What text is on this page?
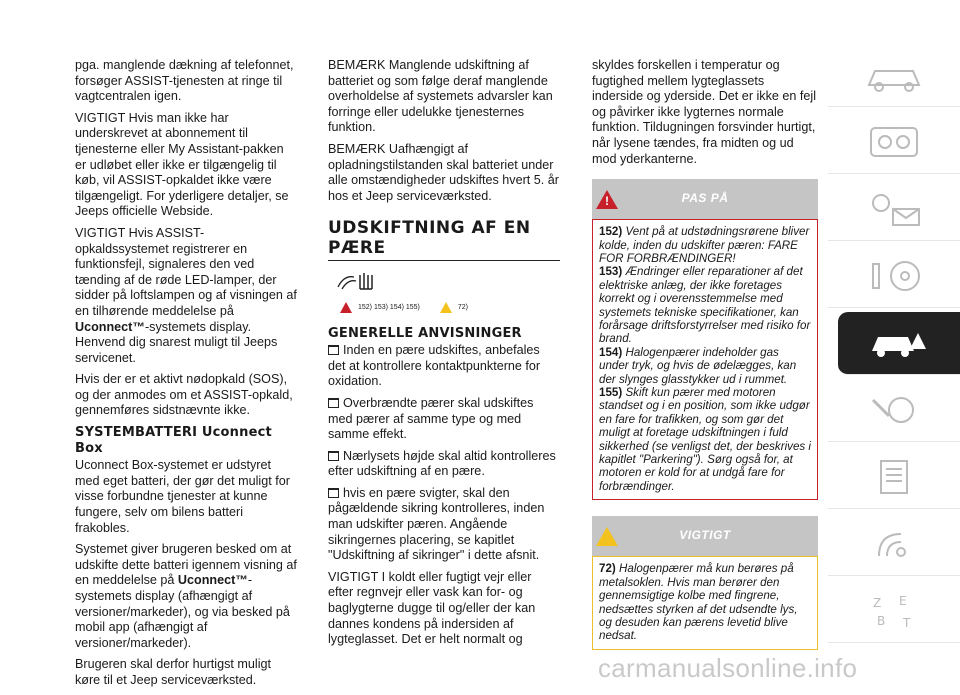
pga. manglende dækning af telefonnet, forsøger ASSIST-tjenesten at ringe til vagtcentralen igen.

VIGTIGT Hvis man ikke har underskrevet at abonnement til tjenesterne eller My Assistant-pakken er udløbet eller ikke er tilgængelig til køb, vil ASSIST-opkaldet ikke være tilgængeligt. For yderligere detaljer, se Jeeps officielle Webside.

VIGTIGT Hvis ASSIST-opkaldssystemet registrerer en funktionsfejl, signaleres den ved tænding af de røde LED-lamper, der sidder på loftslampen og af visningen af en tilhørende meddelelse på Uconnect™-systemets display. Henvend dig snarest muligt til Jeeps servicenet.

Hvis der er et aktivt nødopkald (SOS), og der anmodes om et ASSIST-opkald, gennemføres sidstnævnte ikke.

SYSTEMBATTERI Uconnect Box

Uconnect Box-systemet er udstyret med eget batteri, der gør det muligt for visse forbundne tjenester at kunne fungere, selv om bilens batteri frakobles.

Systemet giver brugeren besked om at udskifte dette batteri igennem visning af en meddelelse på Uconnect™-systemets display (afhængigt af versioner/markeder), og via besked på mobil app (afhængigt af versioner/markeder).

Brugeren skal derfor hurtigst muligt køre til et Jeep serviceværksted.

BEMÆRK Manglende udskiftning af batteriet og som følge deraf manglende overholdelse af systemets advarsler kan forringe eller udelukke tjenesternes funktion.

BEMÆRK Uafhængigt af opladningstilstanden skal batteriet under alle omstændigheder udskiftes hvert 5. år hos et Jeep serviceværksted.

UDSKIFTNING AF EN PÆRE
152) 153) 154) 155)	72)
GENERELLE ANVISNINGER

Inden en pære udskiftes, anbefales det at kontrollere kontaktpunkterne for oxidation.

Overbrændte pærer skal udskiftes med pærer af samme type og med samme effekt.

Nærlysets højde skal altid kontrolleres efter udskiftning af en pære.

hvis en pære svigter, skal den pågældende sikring kontrolleres, inden man udskifter pæren. Angående sikringernes placering, se kapitlet "Udskiftning af sikringer" i dette afsnit.

VIGTIGT I koldt eller fugtigt vejr eller efter regnvejr eller vask kan for- og baglygterne dugge til og/eller der kan dannes kondens på indersiden af lygteglasset. Det er helt normalt og

skyldes forskellen i temperatur og fugtighed mellem lygteglassets inderside og yderside. Det er ikke en fejl og påvirker ikke lygternes normale funktion. Tildugningen forsvinder hurtigt, når lysene tændes, fra midten og ud mod yderkanterne.

!
PAS PÅ

152) Vent på at udstødningsrørene bliver kolde, inden du udskifter pæren: FARE FOR FORBRÆNDINGER!

153) Ændringer eller reparationer af det elektriske anlæg, der ikke foretages korrekt og i overensstemmelse med systemets tekniske specifikationer, kan forårsage driftsforstyrrelser med risiko for brand.

154) Halogenpærer indeholder gas under tryk, og hvis de ødelægges, kan der slynges glasstykker ud i rummet.

155) Skift kun pærer med motoren standset og i en position, som ikke udgør en fare for trafikken, og som gør det muligt at foretage udskiftningen i fuld sikkerhed (se venligst det, der beskrives i kapitlet "Parkering"). Sørg også for, at motoren er kold for at undgå fare for forbrændinger.

VIGTIGT

72) Halogenpærer må kun berøres på metalsoklen. Hvis man berører den gennemsigtige kolbe med fingrene, nedsættes styrken af det udsendte lys, og desuden kan pærens levetid blive nedsat.

Z E
B T
carmanualsonline.info
